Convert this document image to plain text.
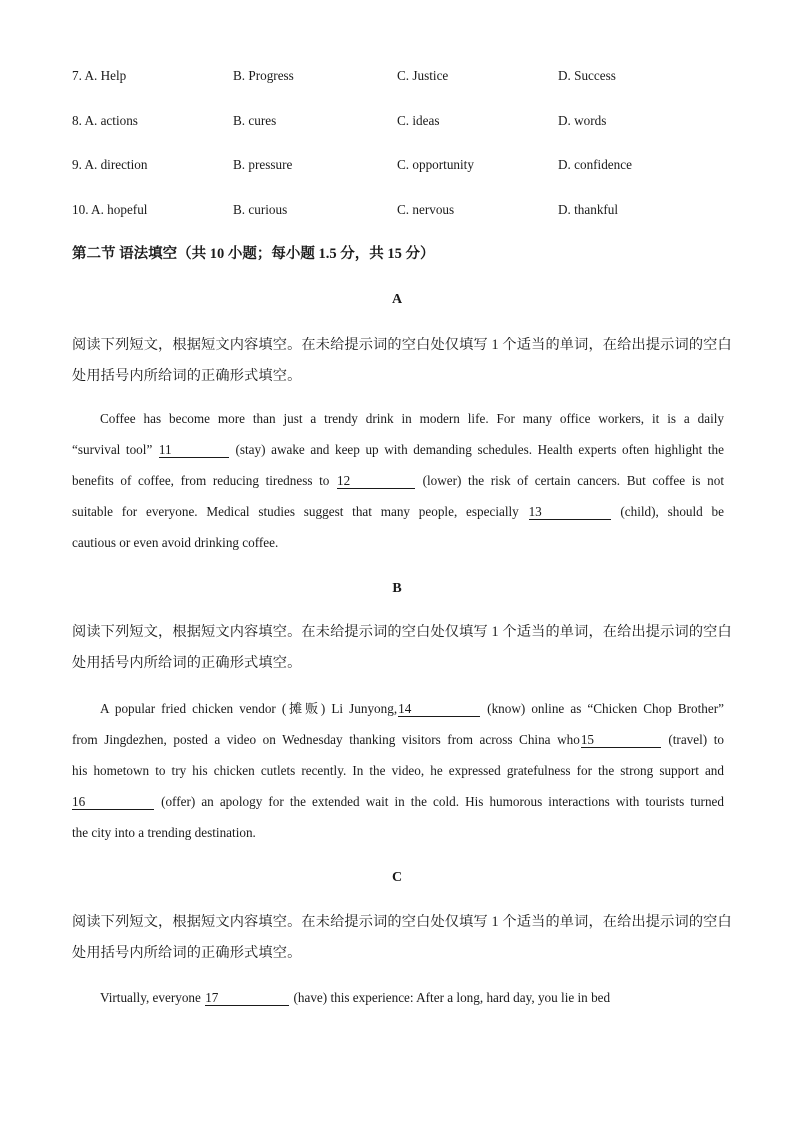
7. A. Help	B. Progress	C. Justice	D. Success
8. A. actions	B. cures	C. ideas	D. words
9. A. direction	B. pressure	C. opportunity	D. confidence
10. A. hopeful	B. curious	C. nervous	D. thankful
第二节 语法填空（共 10 小题；每小题 1.5 分，共 15 分）
A
阅读下列短文，根据短文内容填空。在未给提示词的空白处仅填写 1 个适当的单词，在给出提示词的空白
处用括号内所给词的正确形式填空。
Coffee has become more than just a trendy drink in modern life. For many office workers, it is a daily
“survival tool” 11	(stay) awake and keep up with demanding schedules. Health experts often highlight the
benefits of coffee, from reducing tiredness to 12	(lower) the risk of certain cancers. But coffee is not
suitable for everyone. Medical studies suggest that many people, especially 13	(child), should be
cautious or even avoid drinking coffee.
B
阅读下列短文，根据短文内容填空。在未给提示词的空白处仅填写 1 个适当的单词，在给出提示词的空白
处用括号内所给词的正确形式填空。
A popular fried chicken vendor (摊贩) Li Junyong,14	(know) online as “Chicken Chop Brother”
from Jingdezhen, posted a video on Wednesday thanking visitors from across China who15	(travel) to
his hometown to try his chicken cutlets recently. In the video, he expressed gratefulness for the strong support and
16	(offer) an apology for the extended wait in the cold. His humorous interactions with tourists turned
the city into a trending destination.
C
阅读下列短文，根据短文内容填空。在未给提示词的空白处仅填写 1 个适当的单词，在给出提示词的空白
处用括号内所给词的正确形式填空。
Virtually, everyone 17	(have) this experience: After a long, hard day, you lie in bed
